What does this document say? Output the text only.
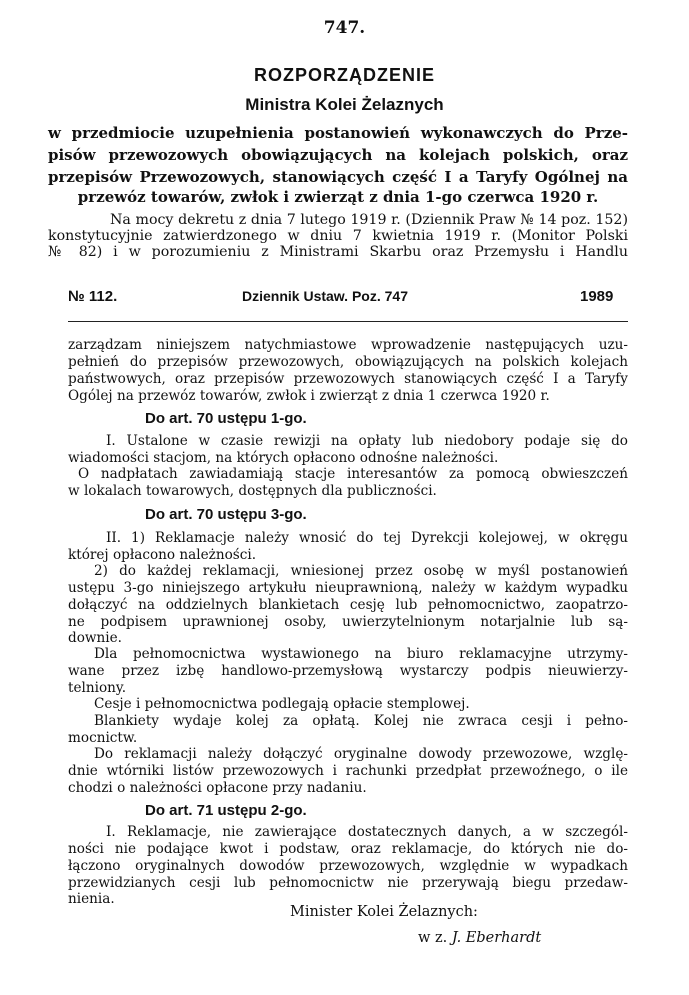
747.
ROZPORZĄDZENIE
Ministra Kolei Żelaznych
w przedmiocie uzupełnienia postanowień wykonawczych do Prze-
pisów przewozowych obowiązujących na kolejach polskich, oraz
przepisów Przewozowych, stanowiących część I a Taryfy Ogólnej na
przewóz towarów, zwłok i zwierząt z dnia 1-go czerwca 1920 r.
Na mocy dekretu z dnia 7 lutego 1919 r. (Dziennik Praw № 14 poz. 152)
konstytucyjnie zatwierdzonego w dniu 7 kwietnia 1919 r. (Monitor Polski
№ 82) i w porozumieniu z Ministrami Skarbu oraz Przemysłu i Handlu
№ 112.	Dziennik Ustaw. Poz. 747	1989
zarządzam niniejszem natychmiastowe wprowadzenie następujących uzu-
pełnień do przepisów przewozowych, obowiązujących na polskich kolejach
państwowych, oraz przepisów przewozowych stanowiących część I a Taryfy
Ogólej na przewóz towarów, zwłok i zwierząt z dnia 1 czerwca 1920 r.
Do art. 70 ustępu 1-go.
I. Ustalone w czasie rewizji na opłaty lub niedobory podaje się do
wiadomości stacjom, na których opłacono odnośne należności.
O nadpłatach zawiadamiają stacje interesantów za pomocą obwieszczeń
w lokalach towarowych, dostępnych dla publiczności.
Do art. 70 ustępu 3-go.
II. 1) Reklamacje należy wnosić do tej Dyrekcji kolejowej, w okręgu
której opłacono należności.
2) do każdej reklamacji, wniesionej przez osobę w myśl postanowień
ustępu 3-go niniejszego artykułu nieuprawnioną, należy w każdym wypadku
dołączyć na oddzielnych blankietach cesję lub pełnomocnictwo, zaopatrzo-
ne podpisem uprawnionej osoby, uwierzytelnionym notarjalnie lub są-
downie.
Dla pełnomocnictwa wystawionego na biuro reklamacyjne utrzymy-
wane przez izbę handlowo-przemysłową wystarczy podpis nieuwierzy-
telniony.
Cesje i pełnomocnictwa podlegają opłacie stemplowej.
Blankiety wydaje kolej za opłatą. Kolej nie zwraca cesji i pełno-
mocnictw.
Do reklamacji należy dołączyć oryginalne dowody przewozowe, wzglę-
dnie wtórniki listów przewozowych i rachunki przedpłat przewoźnego, o ile
chodzi o należności opłacone przy nadaniu.
Do art. 71 ustępu 2-go.
I. Reklamacje, nie zawierające dostatecznych danych, a w szczegól-
ności nie podające kwot i podstaw, oraz reklamacje, do których nie do-
łączono oryginalnych dowodów przewozowych, względnie w wypadkach
przewidzianych cesji lub pełnomocnictw nie przerywają biegu przedaw-
nienia.
Minister Kolei Żelaznych:
w z. J. Eberhardt
